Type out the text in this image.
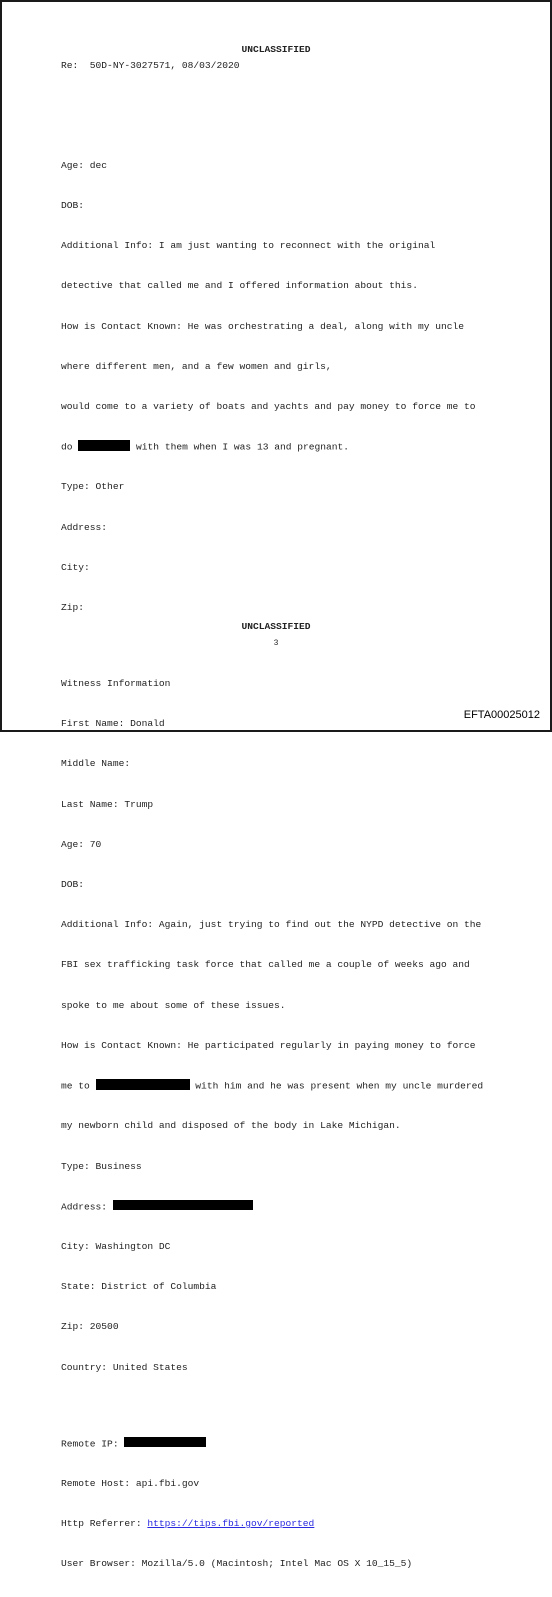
UNCLASSIFIED
Re:  50D-NY-3027571, 08/03/2020

Age: dec

DOB:

Additional Info: I am just wanting to reconnect with the original

detective that called me and I offered information about this.

How is Contact Known: He was orchestrating a deal, along with my uncle

where different men, and a few women and girls,

would come to a variety of boats and yachts and pay money to force me to

do	with them when I was 13 and pregnant.

Type: Other

Address:

City:

Zip:

Witness Information

First Name: Donald

Middle Name:

Last Name: Trump

Age: 70

DOB:

Additional Info: Again, just trying to find out the NYPD detective on the

FBI sex trafficking task force that called me a couple of weeks ago and

spoke to me about some of these issues.

How is Contact Known: He participated regularly in paying money to force

me to	with him and he was present when my uncle murdered

my newborn child and disposed of the body in Lake Michigan.

Type: Business

Address:

City: Washington DC

State: District of Columbia

Zip: 20500

Country: United States

Remote IP:

Remote Host: api.fbi.gov

Http Referrer: https://tips.fbi.gov/reported

User Browser: Mozilla/5.0 (Macintosh; Intel Mac OS X 10_15_5)

UNCLASSIFIED
3
EFTA00025012
